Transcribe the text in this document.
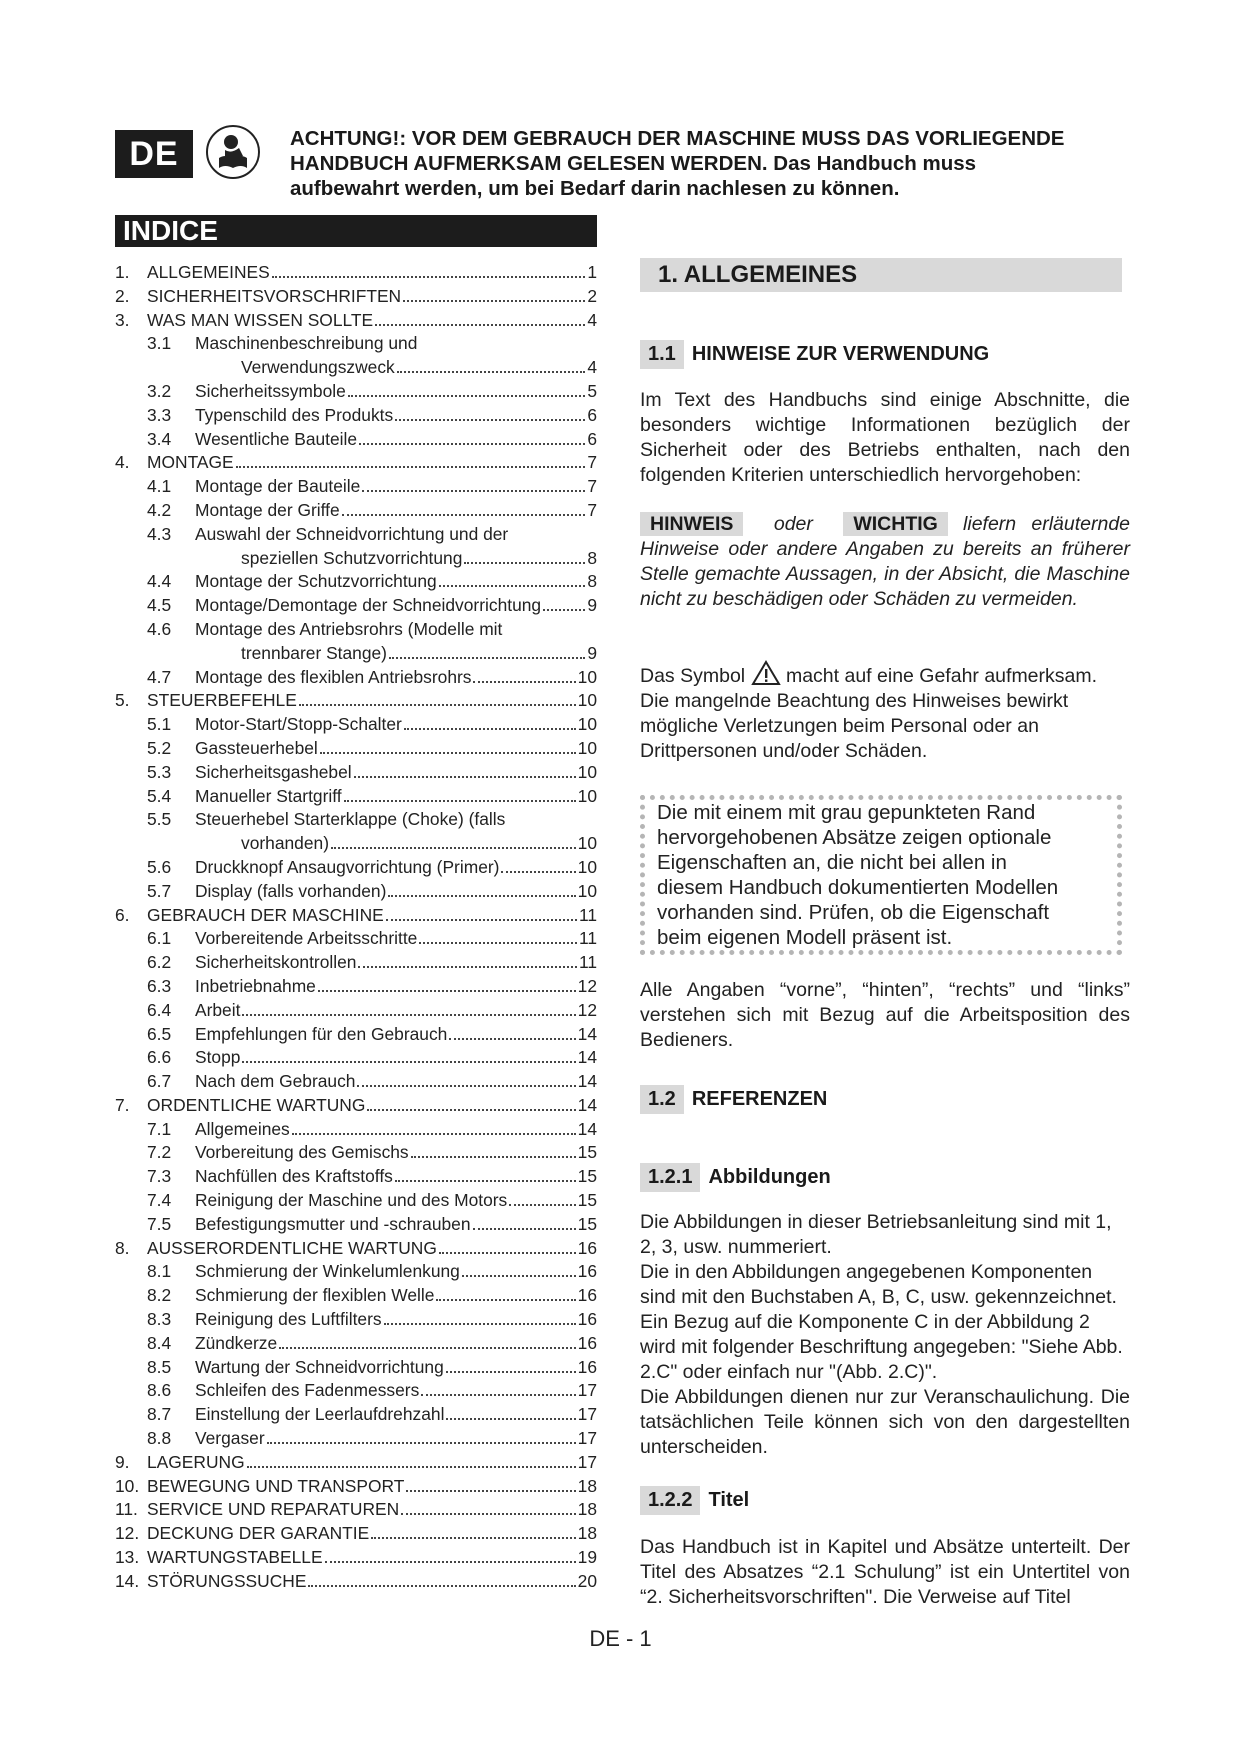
DE	ACHTUNG!: VOR DEM GEBRAUCH DER MASCHINE MUSS DAS VORLIEGENDE
HANDBUCH AUFMERKSAM GELESEN WERDEN. Das Handbuch muss
aufbewahrt werden, um bei Bedarf darin nachlesen zu können.
INDICE
1.	ALLGEMEINES	1
2.	SICHERHEITSVORSCHRIFTEN	2
3.	WAS MAN WISSEN SOLLTE	4
3.1	Maschinenbeschreibung und
Verwendungszweck	4
3.2	Sicherheitssymbole	5
3.3	Typenschild des Produkts	6
3.4	Wesentliche Bauteile	6
4.	MONTAGE	7
4.1	Montage der Bauteile	7
4.2	Montage der Griffe	7
4.3	Auswahl der Schneidvorrichtung und der
speziellen Schutzvorrichtung	8
4.4	Montage der Schutzvorrichtung	8
4.5	Montage/Demontage der Schneidvorrichtung	9
4.6	Montage des Antriebsrohrs (Modelle mit
trennbarer Stange)	9
4.7	Montage des flexiblen Antriebsrohrs	10
5.	STEUERBEFEHLE	10
5.1	Motor-Start/Stopp-Schalter	10
5.2	Gassteuerhebel	10
5.3	Sicherheitsgashebel	10
5.4	Manueller Startgriff	10
5.5	Steuerhebel Starterklappe (Choke) (falls
vorhanden)	10
5.6	Druckknopf Ansaugvorrichtung (Primer)	10
5.7	Display (falls vorhanden)	10
6.	GEBRAUCH DER MASCHINE	11
6.1	Vorbereitende Arbeitsschritte	11
6.2	Sicherheitskontrollen	11
6.3	Inbetriebnahme	12
6.4	Arbeit	12
6.5	Empfehlungen für den Gebrauch	14
6.6	Stopp	14
6.7	Nach dem Gebrauch	14
7.	ORDENTLICHE WARTUNG	14
7.1	Allgemeines	14
7.2	Vorbereitung des Gemischs	15
7.3	Nachfüllen des Kraftstoffs	15
7.4	Reinigung der Maschine und des Motors	15
7.5	Befestigungsmutter und -schrauben	15
8.	AUSSERORDENTLICHE WARTUNG	16
8.1	Schmierung der Winkelumlenkung	16
8.2	Schmierung der flexiblen Welle	16
8.3	Reinigung des Luftfilters	16
8.4	Zündkerze	16
8.5	Wartung der Schneidvorrichtung	16
8.6	Schleifen des Fadenmessers	17
8.7	Einstellung der Leerlaufdrehzahl	17
8.8	Vergaser	17
9.	LAGERUNG	17
10. BEWEGUNG UND TRANSPORT	18
11. SERVICE UND REPARATUREN	18
12. DECKUNG DER GARANTIE	18
13. WARTUNGSTABELLE	19
14. STÖRUNGSSUCHE	20
1. ALLGEMEINES
1.1 HINWEISE ZUR VERWENDUNG
Im Text des Handbuchs sind einige Abschnitte, die besonders wichtige Informationen bezüglich der Sicherheit oder des Betriebs enthalten, nach den folgenden Kriterien unterschiedlich hervorgehoben:
HINWEIS oder WICHTIG liefern erläuternde Hinweise oder andere Angaben zu bereits an früherer Stelle gemachte Aussagen, in der Absicht, die Maschine nicht zu beschädigen oder Schäden zu vermeiden.

Das Symbol macht auf eine Gefahr aufmerksam.

Die mangelnde Beachtung des Hinweises bewirkt mögliche Verletzungen beim Personal oder an Drittpersonen und/oder Schäden.

Die mit einem mit grau gepunkteten Rand
hervorgehobenen Absätze zeigen optionale
Eigenschaften an, die nicht bei allen in
diesem Handbuch dokumentierten Modellen
vorhanden sind. Prüfen, ob die Eigenschaft
beim eigenen Modell präsent ist.
Alle Angaben “vorne”, “hinten”, “rechts” und “links” verstehen sich mit Bezug auf die Arbeitsposition des Bedieners.
1.2 REFERENZEN
1.2.1 Abbildungen

Die Abbildungen in dieser Betriebsanleitung sind mit 1, 2, 3, usw. nummeriert.

Die in den Abbildungen angegebenen Komponenten sind mit den Buchstaben A, B, C, usw. gekennzeichnet. Ein Bezug auf die Komponente C in der Abbildung 2 wird mit folgender Beschriftung angegeben: "Siehe Abb. 2.C" oder einfach nur "(Abb. 2.C)".

Die Abbildungen dienen nur zur Veranschaulichung. Die tatsächlichen Teile können sich von den dargestellten unterscheiden.

1.2.2 Titel
Das Handbuch ist in Kapitel und Absätze unterteilt. Der Titel des Absatzes “2.1 Schulung” ist ein Untertitel von “2. Sicherheitsvorschriften". Die Verweise auf Titel
DE - 1
